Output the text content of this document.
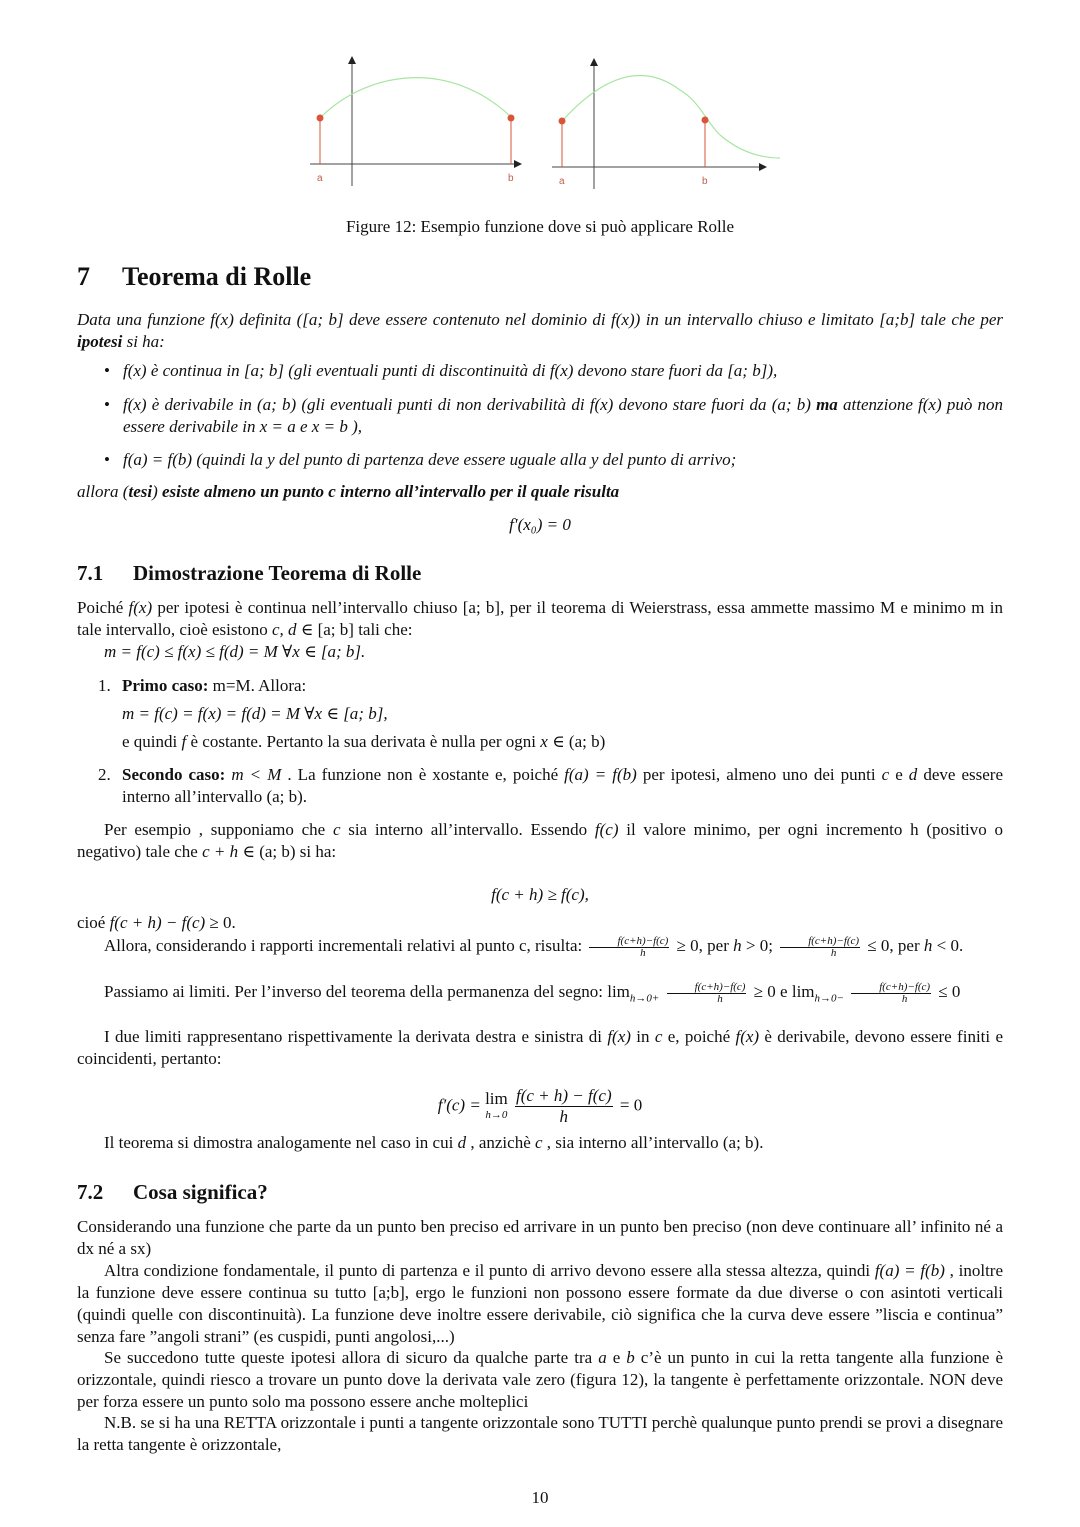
a	b	a	b
Figure 12: Esempio funzione dove si può applicare Rolle
7 Teorema di Rolle
Data una funzione f(x) definita ([a; b] deve essere contenuto nel dominio di f(x)) in un intervallo chiuso e limitato [a;b] tale che per ipotesi si ha:
• f(x) è continua in [a; b] (gli eventuali punti di discontinuità di f(x) devono stare fuori da [a; b]),
• f(x) è derivabile in (a; b) (gli eventuali punti di non derivabilità di f(x) devono stare fuori da (a; b) ma attenzione f(x) può non essere derivabile in x = a e x = b ),
• f(a) = f(b) (quindi la y del punto di partenza deve essere uguale alla y del punto di arrivo;
allora (tesi) esiste almeno un punto c interno all’intervallo per il quale risulta
f′(x₀) = 0
7.1 Dimostrazione Teorema di Rolle
Poiché f(x) per ipotesi è continua nell’intervallo chiuso [a; b], per il teorema di Weierstrass, essa ammette massimo M e minimo m in tale intervallo, cioè esistono c, d ∈ [a; b] tali che:
m = f(c) ≤ f(x) ≤ f(d) = M ∀x ∈ [a; b].
1. Primo caso: m=M. Allora:
m = f(c) = f(x) = f(d) = M ∀x ∈ [a; b],
e quindi f è costante. Pertanto la sua derivata è nulla per ogni x ∈ (a; b)
2. Secondo caso: m < M . La funzione non è xostante e, poiché f(a) = f(b) per ipotesi, almeno uno dei punti c e d deve essere interno all’intervallo (a; b).
Per esempio , supponiamo che c sia interno all’intervallo. Essendo f(c) il valore minimo, per ogni incremento h (positivo o negativo) tale che c + h ∈ (a; b) si ha:
f(c + h) ≥ f(c),
cioé f(c + h) − f(c) ≥ 0.
Allora, considerando i rapporti incrementali relativi al punto c, risulta: $\frac{f(c+h)-f(c)}{h} \ge 0$, per h > 0; $\frac{f(c+h)-f(c)}{h} \le 0$, per h < 0.
Passiamo ai limiti. Per l’inverso del teorema della permanenza del segno: $\lim_{h\to 0+} \frac{f(c+h)-f(c)}{h} \ge 0$ e $\lim_{h\to 0-} \frac{f(c+h)-f(c)}{h} \le 0$
I due limiti rappresentano rispettivamente la derivata destra e sinistra di f(x) in c e, poiché f(x) è derivabile, devono essere finiti e coincidenti, pertanto:
f′(c) = lim
h→0
$\frac{f(c + h) - f(c)}{h} = 0$
Il teorema si dimostra analogamente nel caso in cui d , anzichè c , sia interno all’intervallo (a; b).
7.2 Cosa significa?
Considerando una funzione che parte da un punto ben preciso ed arrivare in un punto ben preciso (non deve continuare all’ infinito né a dx né a sx)
Altra condizione fondamentale, il punto di partenza e il punto di arrivo devono essere alla stessa altezza, quindi f(a) = f(b) , inoltre la funzione deve essere continua su tutto [a;b], ergo le funzioni non possono essere formate da due diverse o con asintoti verticali (quindi quelle con discontinuità). La funzione deve inoltre essere derivabile, ciò significa che la curva deve essere ”liscia e continua” senza fare ”angoli strani” (es cuspidi, punti angolosi,...)
Se succedono tutte queste ipotesi allora di sicuro da qualche parte tra a e b c’è un punto in cui la retta tangente alla funzione è orizzontale, quindi riesco a trovare un punto dove la derivata vale zero (figura 12), la tangente è perfettamente orizzontale. NON deve per forza essere un punto solo ma possono essere anche molteplici
N.B. se si ha una RETTA orizzontale i punti a tangente orizzontale sono TUTTI perchè qualunque punto prendi se provi a disegnare la retta tangente è orizzontale,
10
